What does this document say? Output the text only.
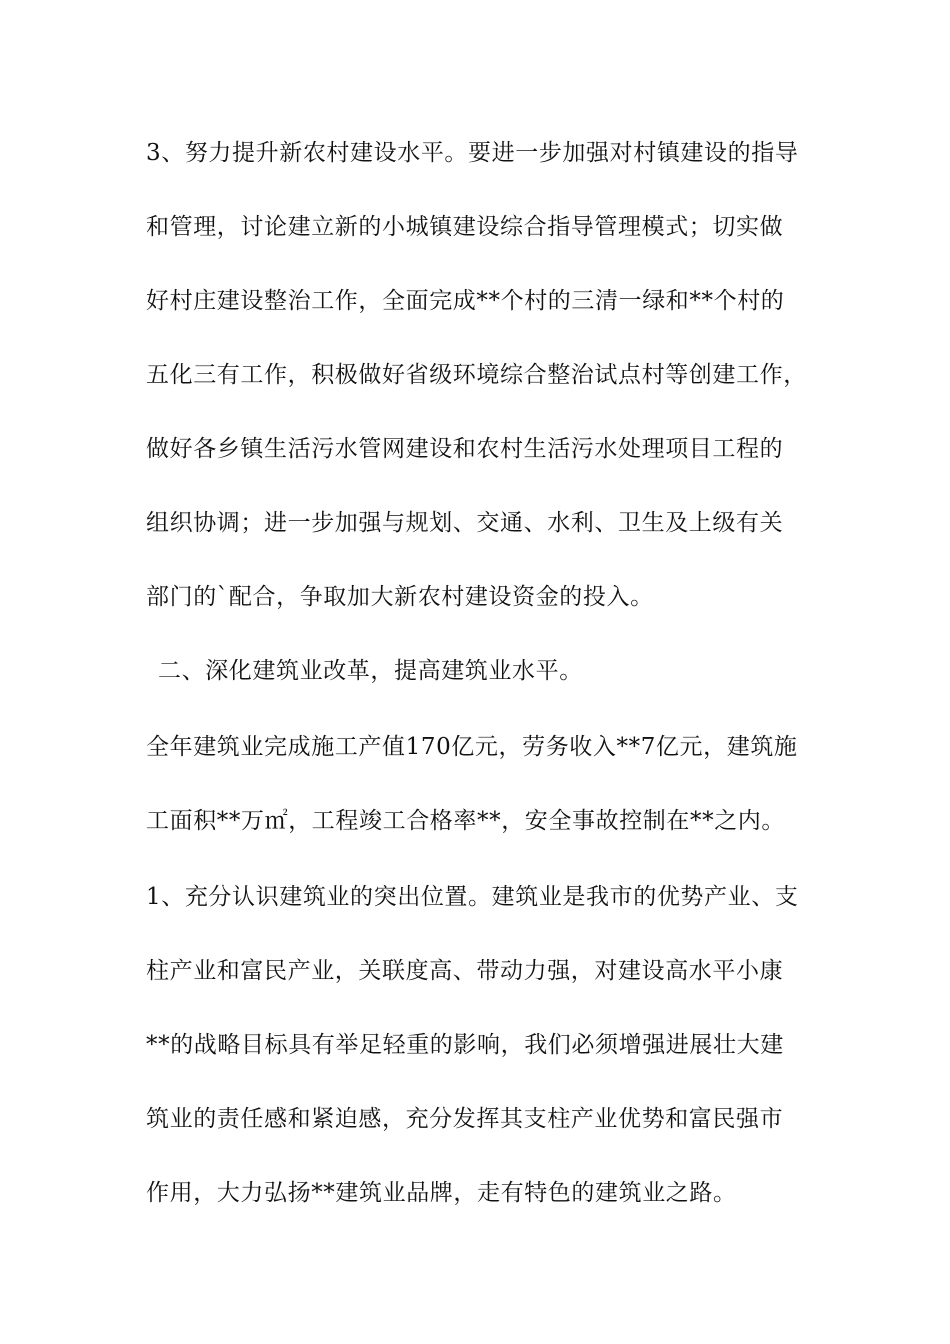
3、努力提升新农村建设水平。要进一步加强对村镇建设的指导
和管理，讨论建立新的小城镇建设综合指导管理模式；切实做
好村庄建设整治工作，全面完成**个村的三清一绿和**个村的
五化三有工作，积极做好省级环境综合整治试点村等创建工作，
做好各乡镇生活污水管网建设和农村生活污水处理项目工程的
组织协调；进一步加强与规划、交通、水利、卫生及上级有关
部门的`配合，争取加大新农村建设资金的投入。
二、深化建筑业改革，提高建筑业水平。
全年建筑业完成施工产值170亿元，劳务收入**7亿元，建筑施
工面积**万㎡，工程竣工合格率**，安全事故控制在**之内。
1、充分认识建筑业的突出位置。建筑业是我市的优势产业、支
柱产业和富民产业，关联度高、带动力强，对建设高水平小康
**的战略目标具有举足轻重的影响，我们必须增强进展壮大建
筑业的责任感和紧迫感，充分发挥其支柱产业优势和富民强市
作用，大力弘扬**建筑业品牌，走有特色的建筑业之路。
